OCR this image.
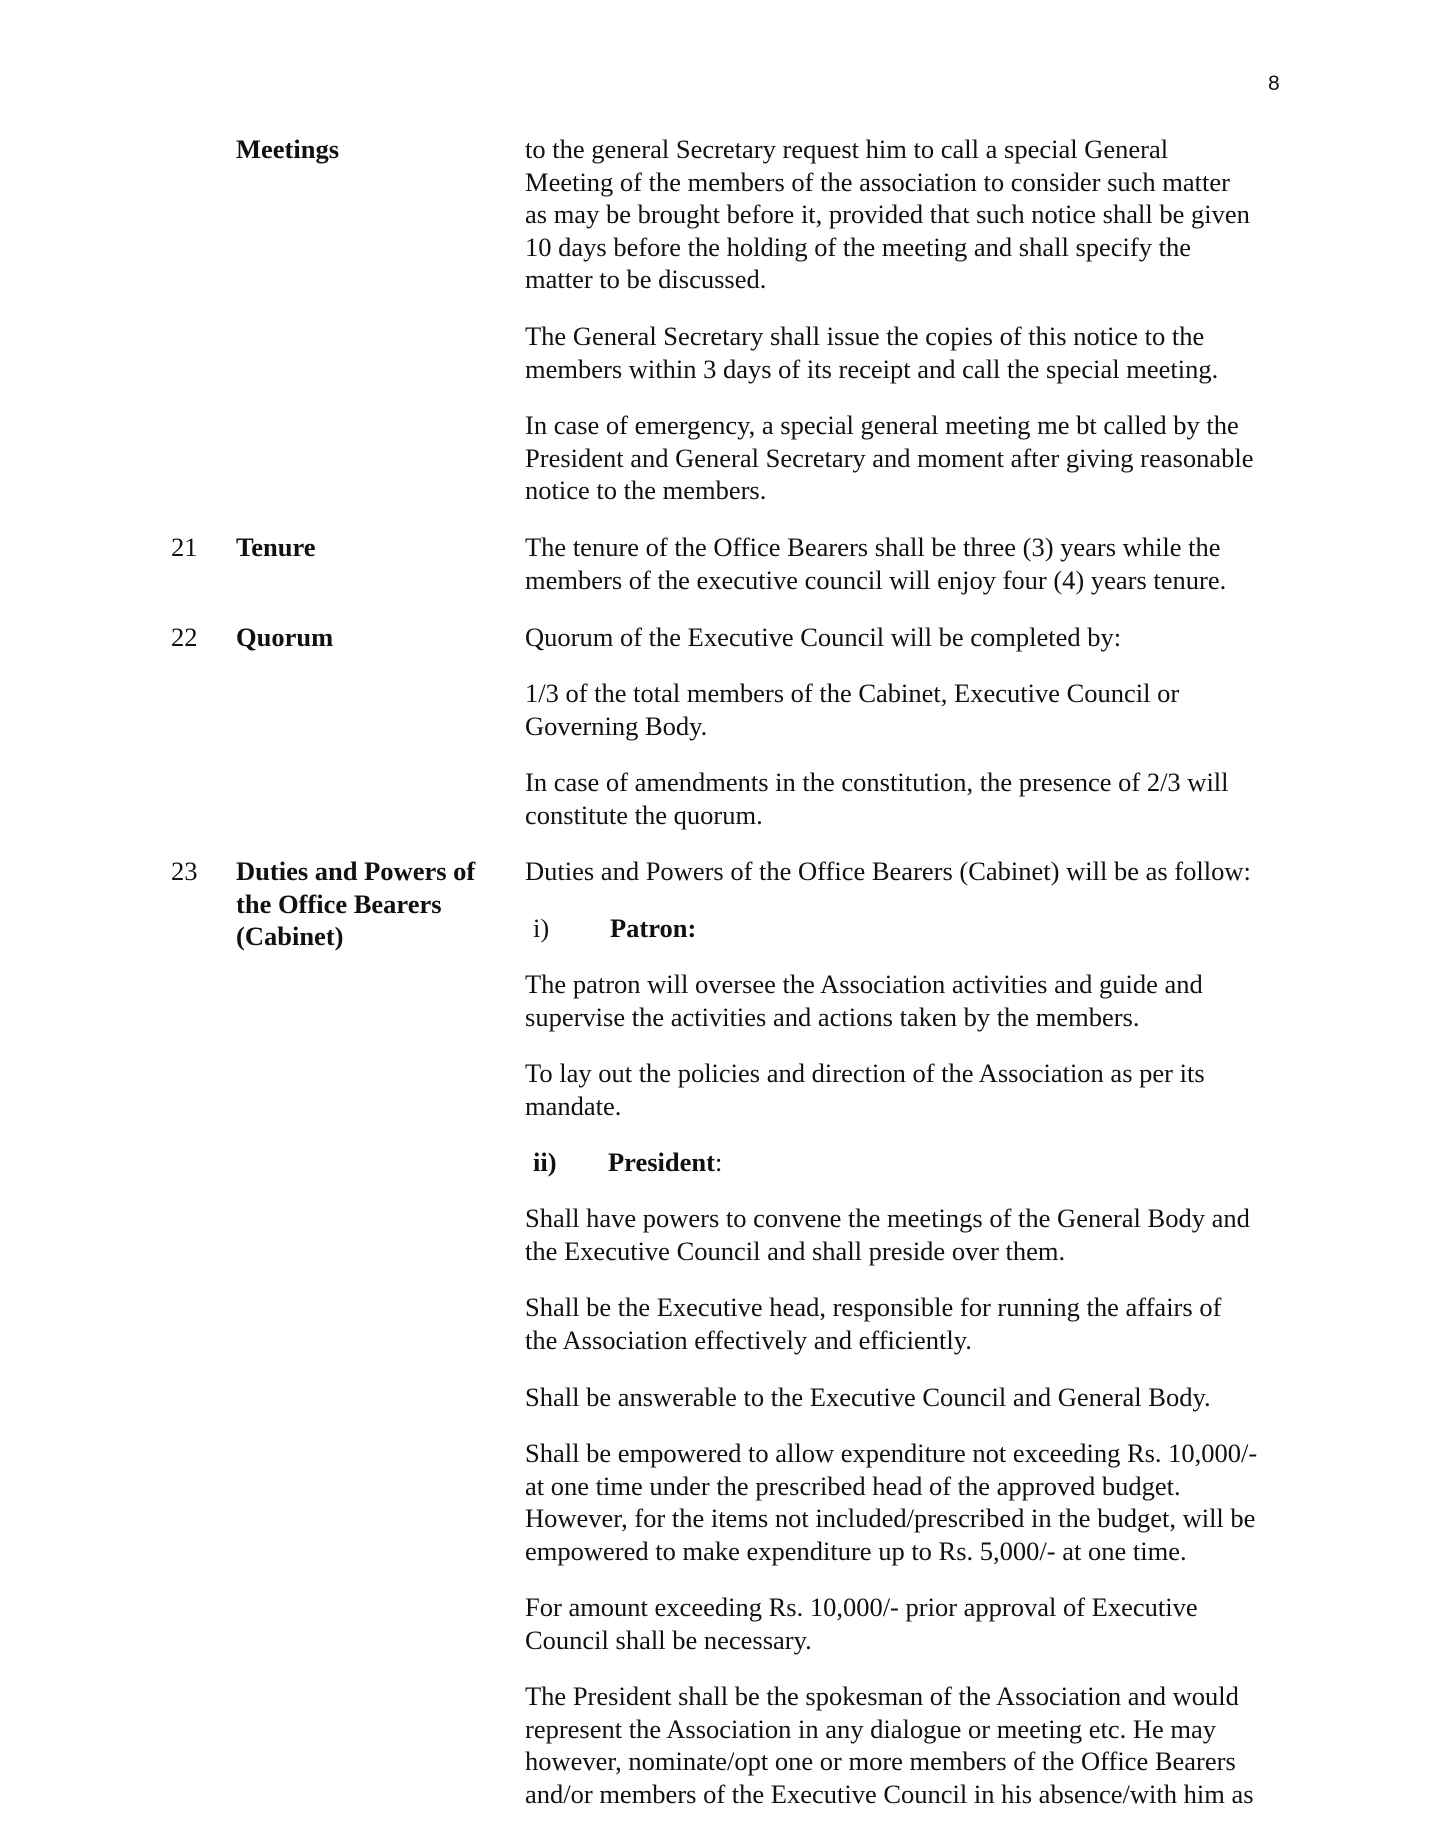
8
Meetings
21 Tenure
22 Quorum
23 Duties and Powers of
the Office Bearers
(Cabinet)
to the general Secretary request him to call a special General
Meeting of the members of the association to consider such matter
as may be brought before it, provided that such notice shall be given
10 days before the holding of the meeting and shall specify the
matter to be discussed.
The General Secretary shall issue the copies of this notice to the
members within 3 days of its receipt and call the special meeting.
In case of emergency, a special general meeting me bt called by the
President and General Secretary and moment after giving reasonable
notice to the members.
The tenure of the Office Bearers shall be three (3) years while the
members of the executive council will enjoy four (4) years tenure.
Quorum of the Executive Council will be completed by:
1/3 of the total members of the Cabinet, Executive Council or
Governing Body.
In case of amendments in the constitution, the presence of 2/3 will
constitute the quorum.
Duties and Powers of the Office Bearers (Cabinet) will be as follow:
The patron will oversee the Association activities and guide and
supervise the activities and actions taken by the members.
To lay out the policies and direction of the Association as per its
mandate.
Shall have powers to convene the meetings of the General Body and
the Executive Council and shall preside over them.
Shall be the Executive head, responsible for running the affairs of
the Association effectively and efficiently.
Shall be answerable to the Executive Council and General Body.
Shall be empowered to allow expenditure not exceeding Rs. 10,000/-
at one time under the prescribed head of the approved budget.
However, for the items not included/prescribed in the budget, will be
empowered to make expenditure up to Rs. 5,000/- at one time.
For amount exceeding Rs. 10,000/- prior approval of Executive
Council shall be necessary.
The President shall be the spokesman of the Association and would
represent the Association in any dialogue or meeting etc. He may
however, nominate/opt one or more members of the Office Bearers
and/or members of the Executive Council in his absence/with him as
i) Patron:
ii) President:
